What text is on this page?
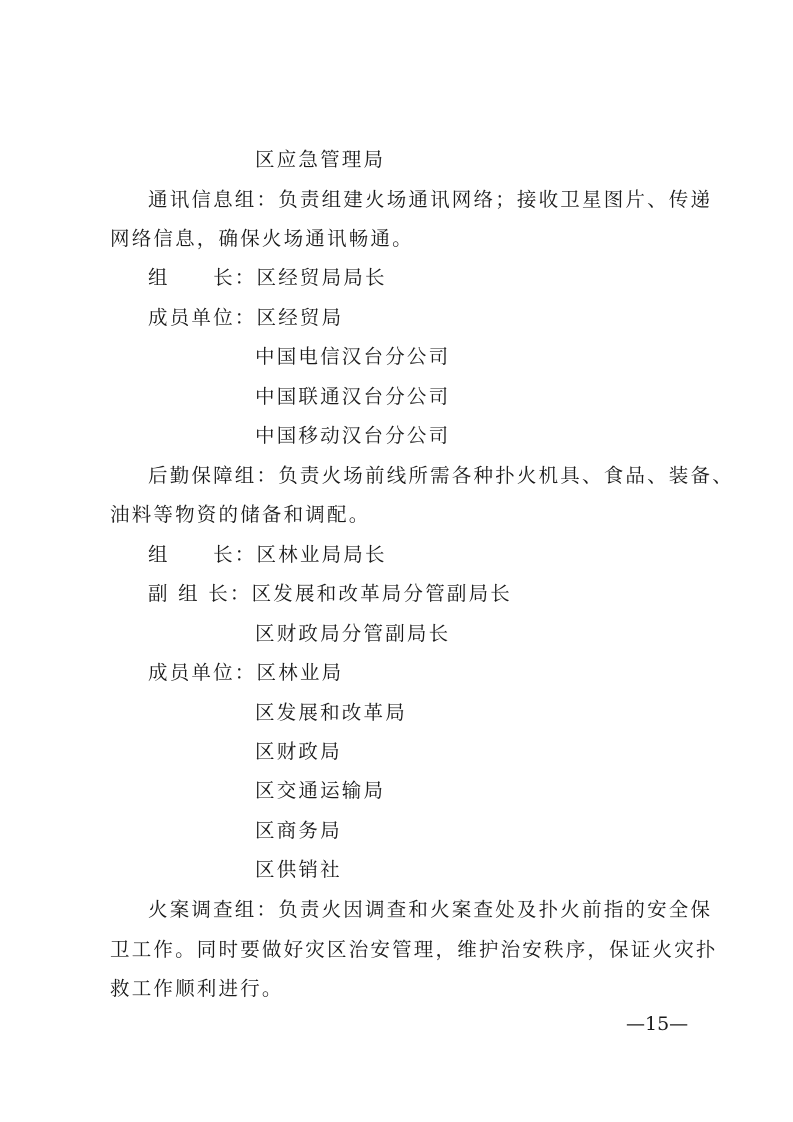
区应急管理局
通讯信息组：负责组建火场通讯网络；接收卫星图片、传递
网络信息，确保火场通讯畅通。
组　　长：区经贸局局长
成员单位：区经贸局
中国电信汉台分公司
中国联通汉台分公司
中国移动汉台分公司
后勤保障组：负责火场前线所需各种扑火机具、食品、装备、
油料等物资的储备和调配。
组　　长：区林业局局长
副 组 长：区发展和改革局分管副局长
区财政局分管副局长
成员单位：区林业局
区发展和改革局
区财政局
区交通运输局
区商务局
区供销社
火案调查组：负责火因调查和火案查处及扑火前指的安全保
卫工作。同时要做好灾区治安管理，维护治安秩序，保证火灾扑
救工作顺利进行。
—15—
